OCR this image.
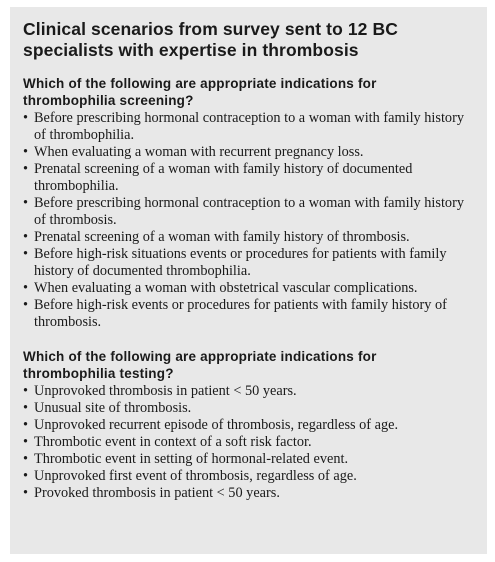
Clinical scenarios from survey sent to 12 BC specialists with expertise in thrombosis
Which of the following are appropriate indications for thrombophilia screening?
• Before prescribing hormonal contraception to a woman with family history of thrombophilia.
• When evaluating a woman with recurrent pregnancy loss.
• Prenatal screening of a woman with family history of documented thrombophilia.
• Before prescribing hormonal contraception to a woman with family history of thrombosis.
• Prenatal screening of a woman with family history of thrombosis.
• Before high-risk situations events or procedures for patients with family history of documented thrombophilia.
• When evaluating a woman with obstetrical vascular complications.
• Before high-risk events or procedures for patients with family history of thrombosis.
Which of the following are appropriate indications for thrombophilia testing?
• Unprovoked thrombosis in patient < 50 years.
• Unusual site of thrombosis.
• Unprovoked recurrent episode of thrombosis, regardless of age.
• Thrombotic event in context of a soft risk factor.
• Thrombotic event in setting of hormonal-related event.
• Unprovoked first event of thrombosis, regardless of age.
• Provoked thrombosis in patient < 50 years.
